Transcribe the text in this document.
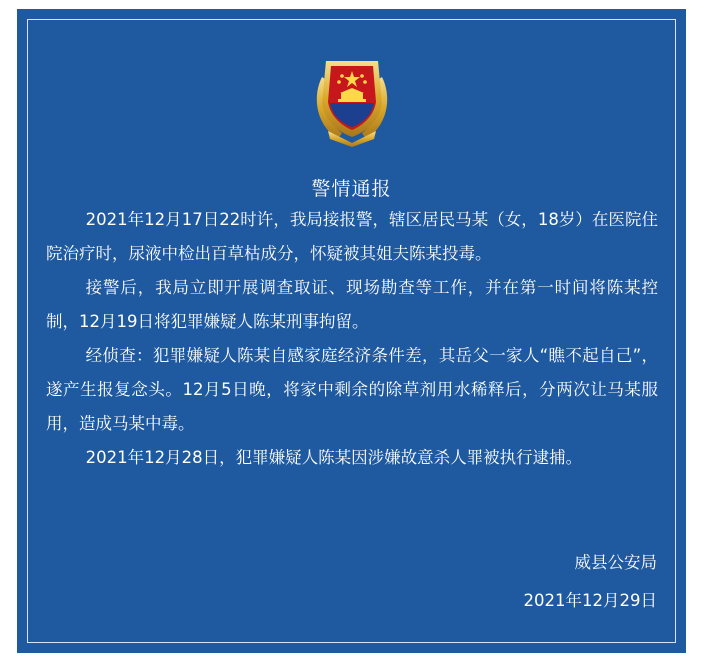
警情通报

2021年12月17日22时许，我局接报警，辖区居民马某（女，18岁）在医院住院治疗时，尿液中检出百草枯成分，怀疑被其姐夫陈某投毒。

接警后，我局立即开展调查取证、现场勘查等工作，并在第一时间将陈某控制，12月19日将犯罪嫌疑人陈某刑事拘留。

经侦查：犯罪嫌疑人陈某自感家庭经济条件差，其岳父一家人“瞧不起自己”，遂产生报复念头。12月5日晚，将家中剩余的除草剂用水稀释后，分两次让马某服用，造成马某中毒。

2021年12月28日，犯罪嫌疑人陈某因涉嫌故意杀人罪被执行逮捕。

威县公安局
2021年12月29日
